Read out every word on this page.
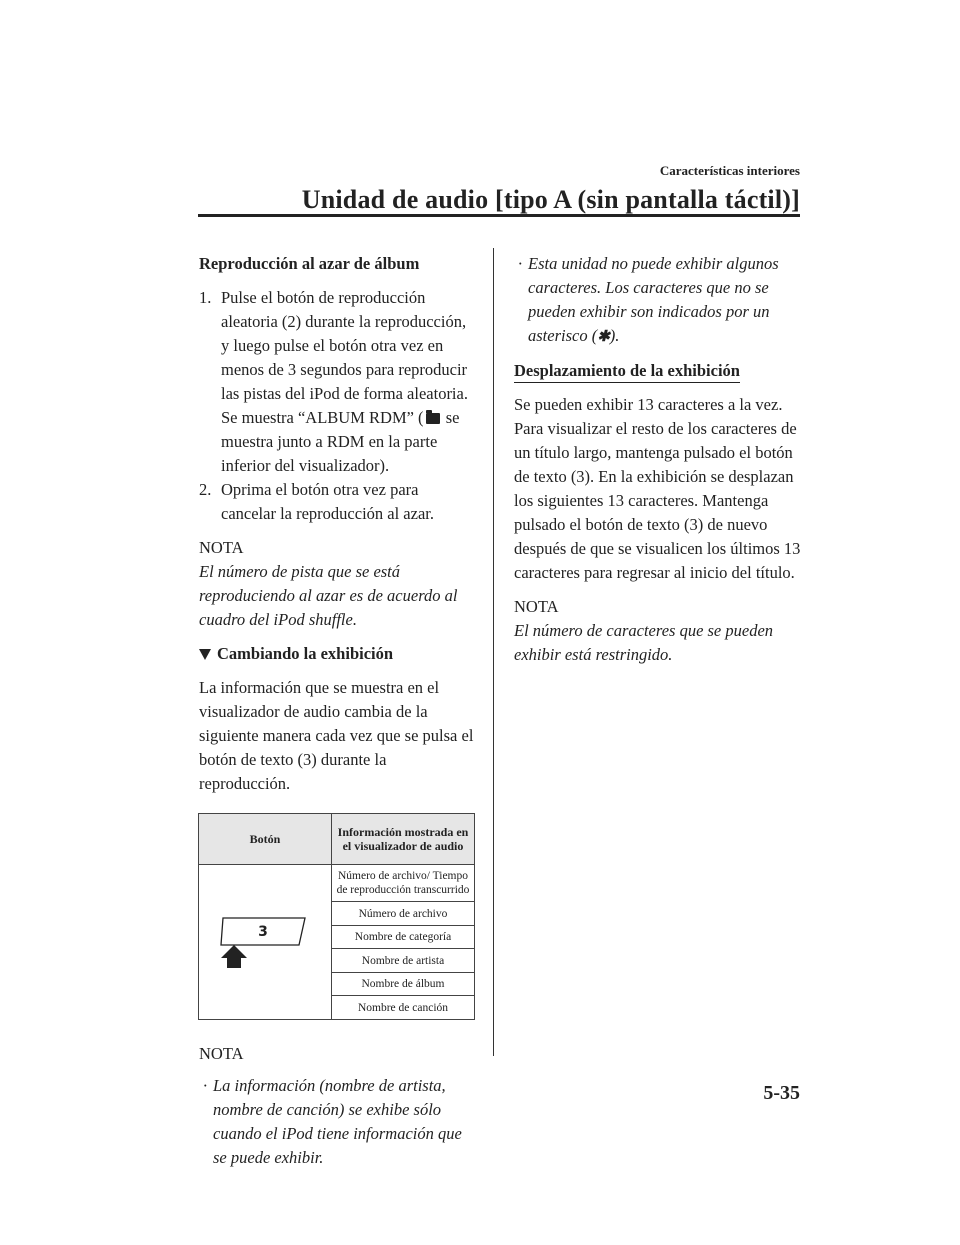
Características interiores
Unidad de audio [tipo A (sin pantalla táctil)]

Reproducción al azar de álbum

1. Pulse el botón de reproducción aleatoria (2) durante la reproducción, y luego pulse el botón otra vez en menos de 3 segundos para reproducir las pistas del iPod de forma aleatoria. Se muestra “ALBUM RDM” ( se muestra junto a RDM en la parte inferior del visualizador).
2. Oprima el botón otra vez para cancelar la reproducción al azar.

NOTA

El número de pista que se está reproduciendo al azar es de acuerdo al cuadro del iPod shuffle.

Cambiando la exhibición

La información que se muestra en el visualizador de audio cambia de la siguiente manera cada vez que se pulsa el botón de texto (3) durante la reproducción.

Botón	Información mostrada en el visualizador de audio

3	Número de archivo/ Tiempo de reproducción transcurrido
	Número de archivo
	Nombre de categoría
	Nombre de artista
	Nombre de álbum
	Nombre de canción

NOTA

· La información (nombre de artista, nombre de canción) se exhibe sólo cuando el iPod tiene información que se puede exhibir.

· Esta unidad no puede exhibir algunos caracteres. Los caracteres que no se pueden exhibir son indicados por un asterisco (✱).

Desplazamiento de la exhibición

Se pueden exhibir 13 caracteres a la vez. Para visualizar el resto de los caracteres de un título largo, mantenga pulsado el botón de texto (3). En la exhibición se desplazan los siguientes 13 caracteres. Mantenga pulsado el botón de texto (3) de nuevo después de que se visualicen los últimos 13 caracteres para regresar al inicio del título.

NOTA

El número de caracteres que se pueden exhibir está restringido.

5-35
